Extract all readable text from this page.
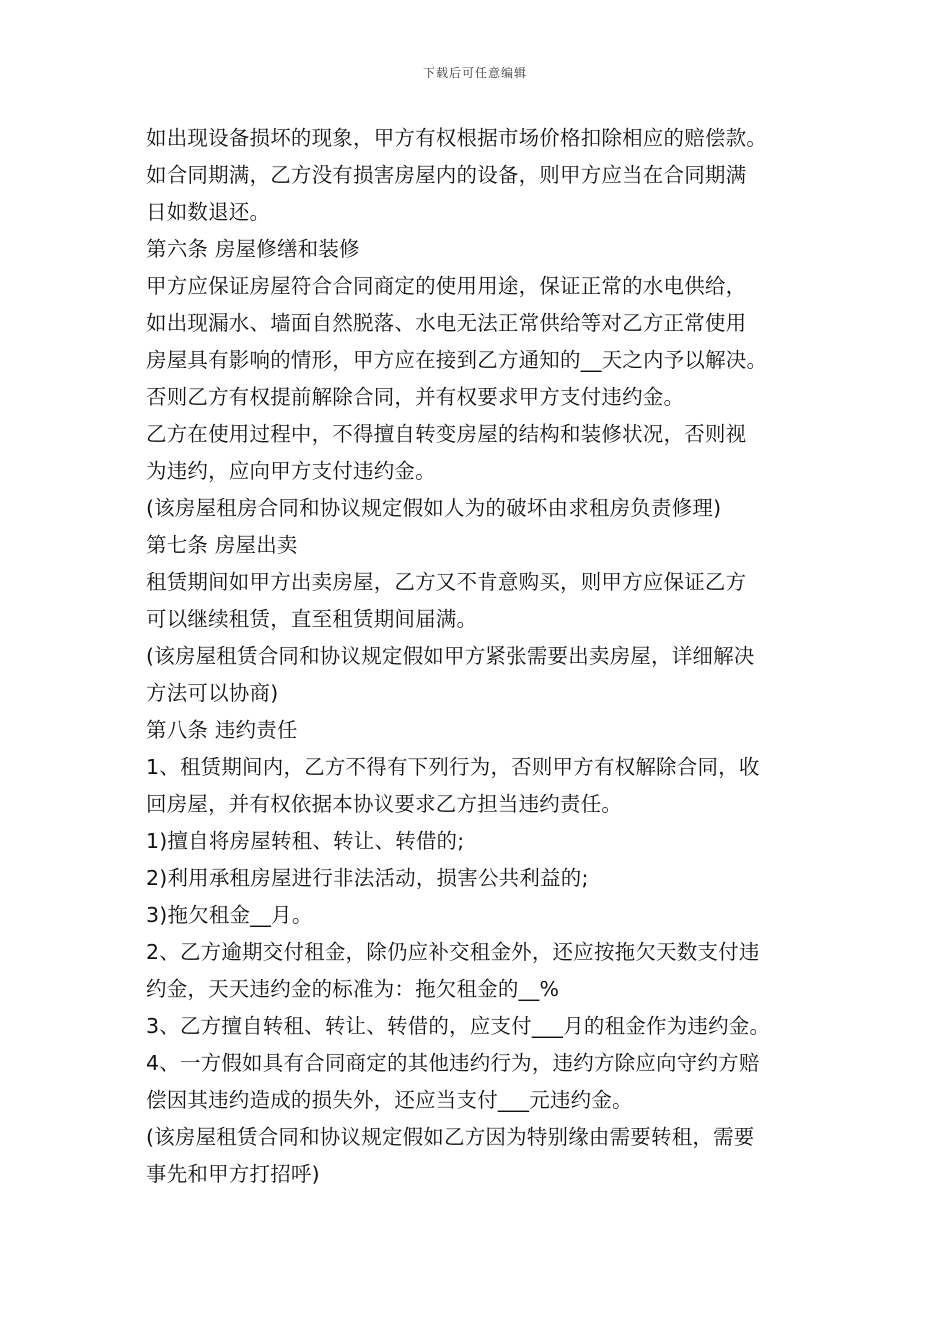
下载后可任意编辑
如出现设备损坏的现象，甲方有权根据市场价格扣除相应的赔偿款。
如合同期满，乙方没有损害房屋内的设备，则甲方应当在合同期满
日如数退还。
第六条 房屋修缮和装修
甲方应保证房屋符合合同商定的使用用途，保证正常的水电供给，
如出现漏水、墙面自然脱落、水电无法正常供给等对乙方正常使用
房屋具有影响的情形，甲方应在接到乙方通知的__天之内予以解决。
否则乙方有权提前解除合同，并有权要求甲方支付违约金。
乙方在使用过程中，不得擅自转变房屋的结构和装修状况，否则视
为违约，应向甲方支付违约金。
(该房屋租房合同和协议规定假如人为的破坏由求租房负责修理)
第七条 房屋出卖
租赁期间如甲方出卖房屋，乙方又不肯意购买，则甲方应保证乙方
可以继续租赁，直至租赁期间届满。
(该房屋租赁合同和协议规定假如甲方紧张需要出卖房屋，详细解决
方法可以协商)
第八条 违约责任
1、租赁期间内，乙方不得有下列行为，否则甲方有权解除合同，收
回房屋，并有权依据本协议要求乙方担当违约责任。
1)擅自将房屋转租、转让、转借的;
2)利用承租房屋进行非法活动，损害公共利益的;
3)拖欠租金__月。
2、乙方逾期交付租金，除仍应补交租金外，还应按拖欠天数支付违
约金，天天违约金的标准为：拖欠租金的__%
3、乙方擅自转租、转让、转借的，应支付___月的租金作为违约金。
4、一方假如具有合同商定的其他违约行为，违约方除应向守约方赔
偿因其违约造成的损失外，还应当支付___元违约金。
(该房屋租赁合同和协议规定假如乙方因为特别缘由需要转租，需要
事先和甲方打招呼)
